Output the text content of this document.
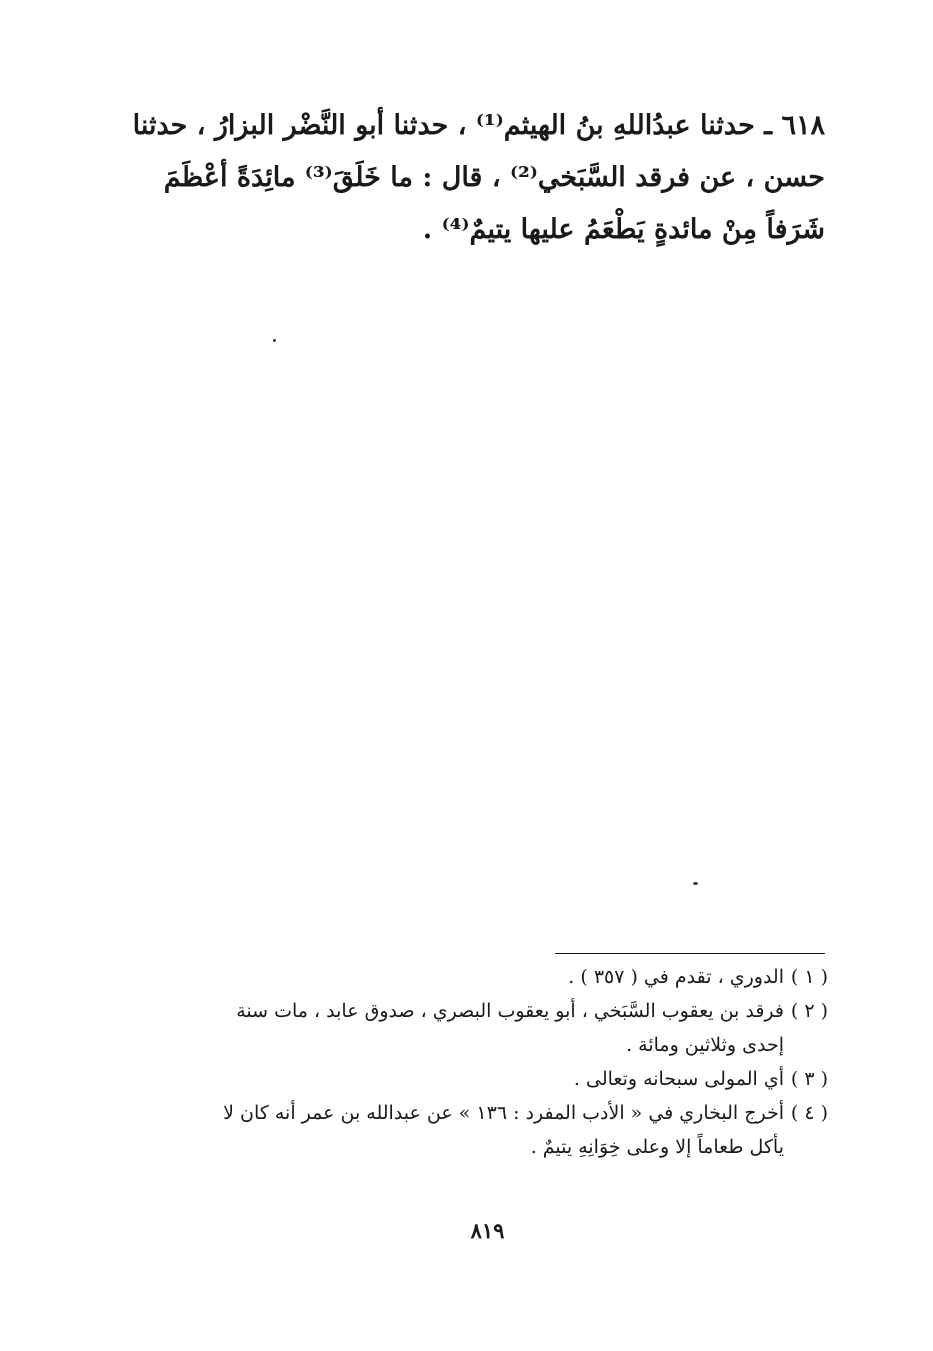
٦١٨ ـ حدثنا عبدُاللهِ بنُ الهيثم⁽¹⁾ ، حدثنا أبو النَّضْر البزارُ ، حدثنا
حسن ، عن فرقد السَّبَخي⁽²⁾ ، قال : ما خَلَقَ⁽³⁾ مائِدَةً أعْظَمَ
شَرَفاً مِنْ مائدةٍ يَطْعَمُ عليها يتيمٌ⁽⁴⁾ .
( ١ )
الدوري ، تقدم في ( ٣٥٧ ) .
( ٢ )
فرقد بن يعقوب السَّبَخي ، أبو يعقوب البصري ، صدوق عابد ، مات سنة
إحدى وثلاثين ومائة .
( ٣ )
أي المولى سبحانه وتعالى .
( ٤ )
أخرج البخاري في « الأدب المفرد : ١٣٦ » عن عبدالله بن عمر أنه كان لا
يأكل طعاماً إلا وعلى خِوَانِهِ يتيمٌ .
٨١٩
